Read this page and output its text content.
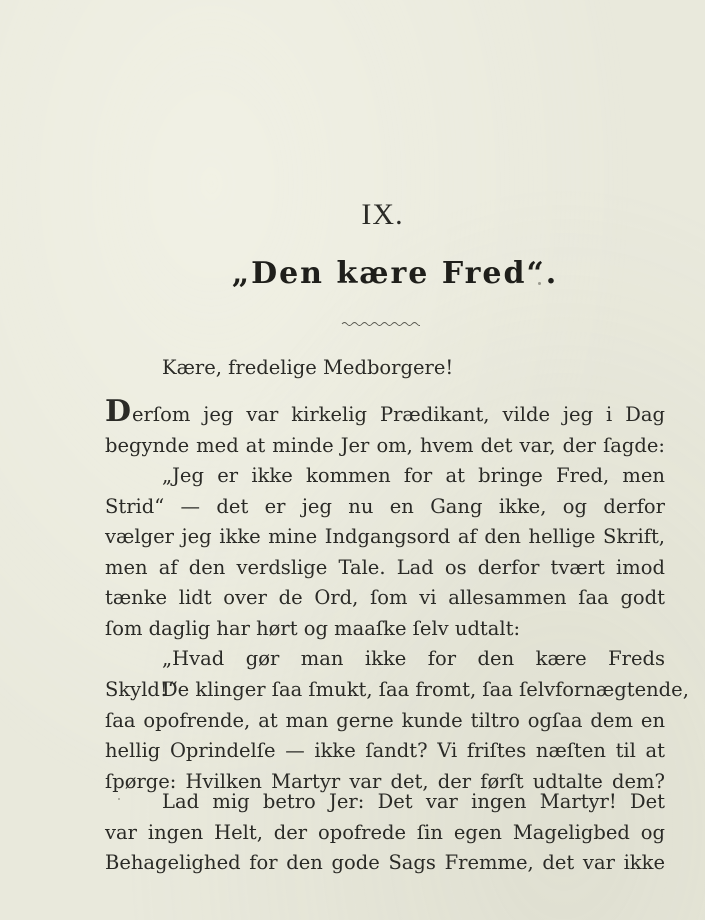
IX.
„Den kære Fred“.
Kære, fredelige Medborgere!
Derſom jeg var kirkelig Prædikant, vilde jeg i Dag
begynde med at minde Jer om, hvem det var, der ſagde:
„Jeg er ikke kommen for at bringe Fred, men
Strid“ — det er jeg nu en Gang ikke, og derfor
vælger jeg ikke mine Indgangsord af den hellige Skrift,
men af den verdslige Tale. Lad os derfor tvært imod
tænke lidt over de Ord, ſom vi allesammen ſaa godt
ſom daglig har hørt og maaſke ſelv udtalt:
„Hvad gør man ikke for den kære Freds
Skyld!“
De klinger ſaa ſmukt, ſaa fromt, ſaa ſelvfornægtende,
ſaa opofrende, at man gerne kunde tiltro ogſaa dem en
hellig Oprindelſe — ikke ſandt? Vi friſtes næſten til at
ſpørge: Hvilken Martyr var det, der førſt udtalte dem?
Lad mig betro Jer: Det var ingen Martyr! Det
var ingen Helt, der opofrede ſin egen Mageligbed og
Behagelighed for den gode Sags Fremme, det var ikke
